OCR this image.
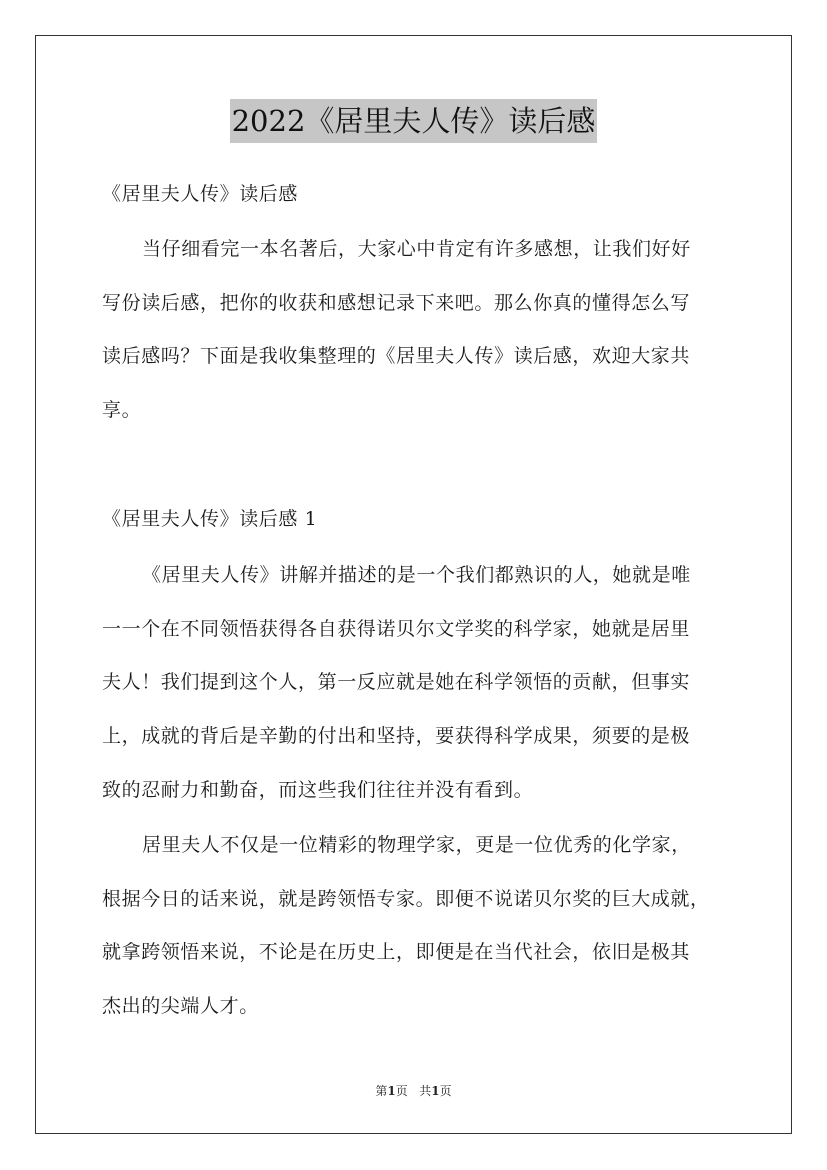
2022《居里夫人传》读后感
《居里夫人传》读后感
当仔细看完一本名著后，大家心中肯定有许多感想，让我们好好
写份读后感，把你的收获和感想记录下来吧。那么你真的懂得怎么写
读后感吗？下面是我收集整理的《居里夫人传》读后感，欢迎大家共
享。
《居里夫人传》读后感 1
《居里夫人传》讲解并描述的是一个我们都熟识的人，她就是唯
一一个在不同领悟获得各自获得诺贝尔文学奖的科学家，她就是居里
夫人！我们提到这个人，第一反应就是她在科学领悟的贡献，但事实
上，成就的背后是辛勤的付出和坚持，要获得科学成果，须要的是极
致的忍耐力和勤奋，而这些我们往往并没有看到。
居里夫人不仅是一位精彩的物理学家，更是一位优秀的化学家，
根据今日的话来说，就是跨领悟专家。即便不说诺贝尔奖的巨大成就，
就拿跨领悟来说，不论是在历史上，即便是在当代社会，依旧是极其
杰出的尖端人才。
第1页 共1页
